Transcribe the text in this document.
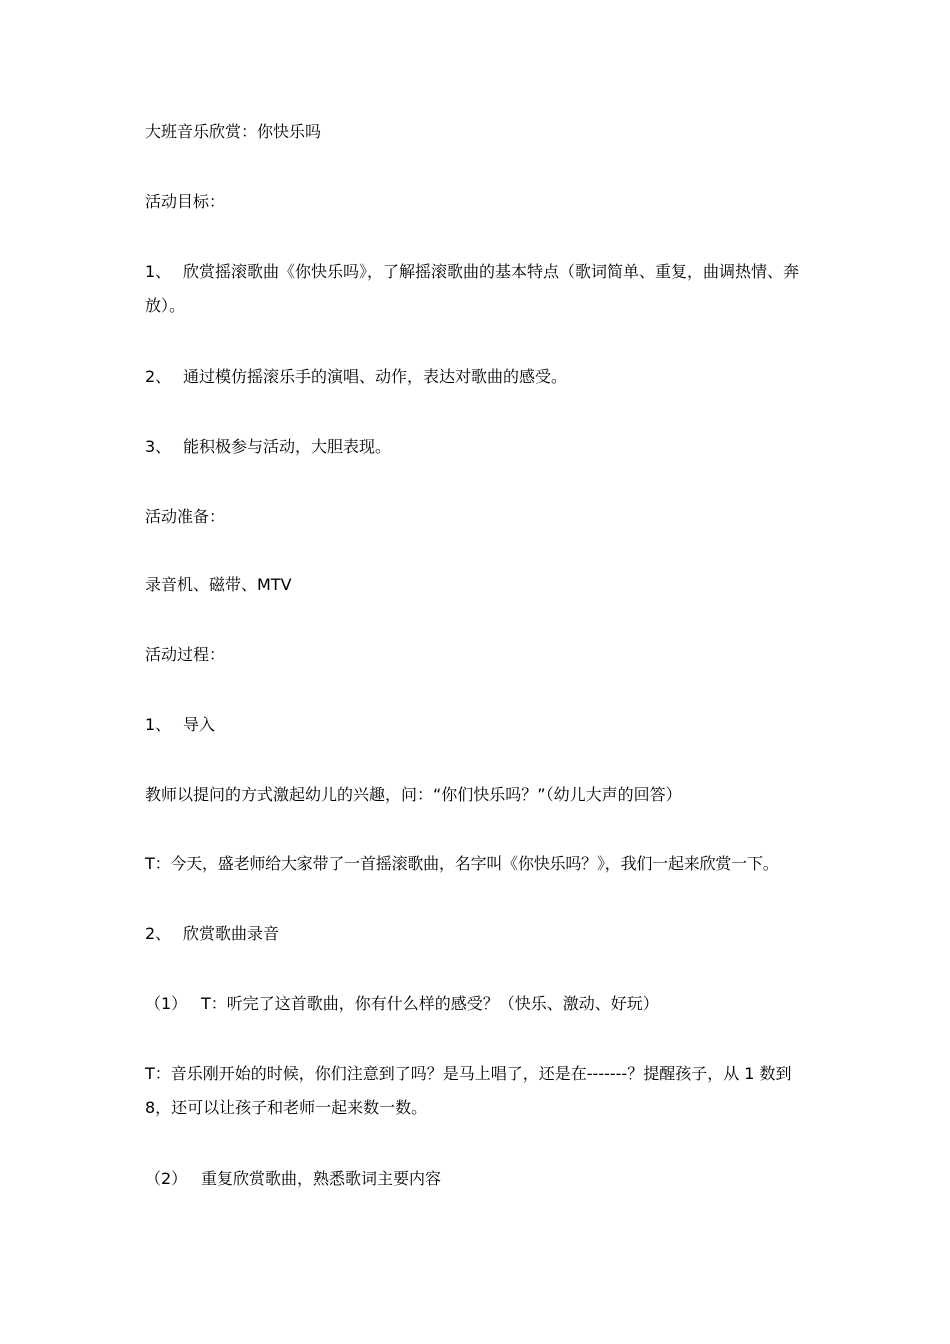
大班音乐欣赏：你快乐吗

活动目标：

1、 欣赏摇滚歌曲《你快乐吗》，了解摇滚歌曲的基本特点（歌词简单、重复，曲调热情、奔放）。

2、 通过模仿摇滚乐手的演唱、动作，表达对歌曲的感受。

3、 能积极参与活动，大胆表现。

活动准备：

录音机、磁带、MTV

活动过程：

1、 导入

教师以提问的方式激起幼儿的兴趣，问：“你们快乐吗？”（幼儿大声的回答）

T：今天，盛老师给大家带了一首摇滚歌曲，名字叫《你快乐吗？》，我们一起来欣赏一下。

2、 欣赏歌曲录音

（1） T：听完了这首歌曲，你有什么样的感受？（快乐、激动、好玩）

T：音乐刚开始的时候，你们注意到了吗？是马上唱了，还是在-------？提醒孩子，从 1 数到 8，还可以让孩子和老师一起来数一数。

（2） 重复欣赏歌曲，熟悉歌词主要内容
